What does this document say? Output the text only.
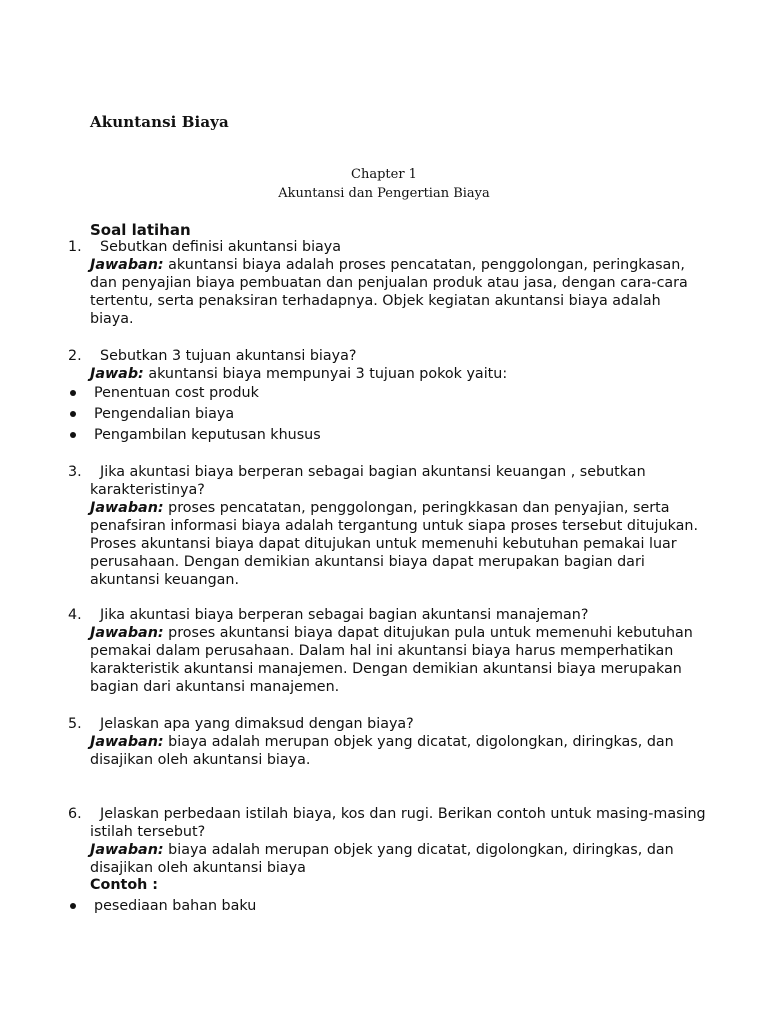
Akuntansi Biaya
Chapter 1
Akuntansi dan Pengertian Biaya
Soal latihan
1.	Sebutkan definisi akuntansi biaya
Jawaban: akuntansi biaya adalah proses pencatatan, penggolongan, peringkasan, dan penyajian biaya pembuatan dan penjualan produk atau jasa, dengan cara-cara tertentu, serta penaksiran terhadapnya. Objek kegiatan akuntansi biaya adalah biaya.
2.	Sebutkan 3 tujuan akuntansi biaya?
Jawab: akuntansi biaya mempunyai 3 tujuan pokok yaitu:
Penentuan cost produk
Pengendalian biaya
Pengambilan keputusan khusus
3.	Jika akuntasi biaya berperan sebagai bagian akuntansi keuangan , sebutkan karakteristinya?
Jawaban: proses pencatatan, penggolongan, peringkkasan dan penyajian, serta penafsiran informasi biaya adalah tergantung untuk siapa proses tersebut ditujukan. Proses akuntansi biaya dapat ditujukan untuk memenuhi kebutuhan pemakai luar perusahaan. Dengan demikian akuntansi biaya dapat merupakan bagian dari akuntansi keuangan.
4.	Jika akuntasi biaya berperan sebagai bagian akuntansi manajeman?
Jawaban: proses akuntansi biaya dapat ditujukan pula untuk memenuhi kebutuhan pemakai dalam perusahaan. Dalam hal ini akuntansi biaya harus memperhatikan karakteristik akuntansi manajemen. Dengan demikian akuntansi biaya merupakan bagian dari akuntansi manajemen.
5.	Jelaskan apa yang dimaksud dengan biaya?
Jawaban: biaya adalah merupan objek yang dicatat, digolongkan, diringkas, dan disajikan oleh akuntansi biaya.
6.	Jelaskan perbedaan istilah biaya, kos dan rugi. Berikan contoh untuk masing-masing istilah tersebut?
Jawaban: biaya adalah merupan objek yang dicatat, digolongkan, diringkas, dan disajikan oleh akuntansi biaya
Contoh :
pesediaan bahan baku
